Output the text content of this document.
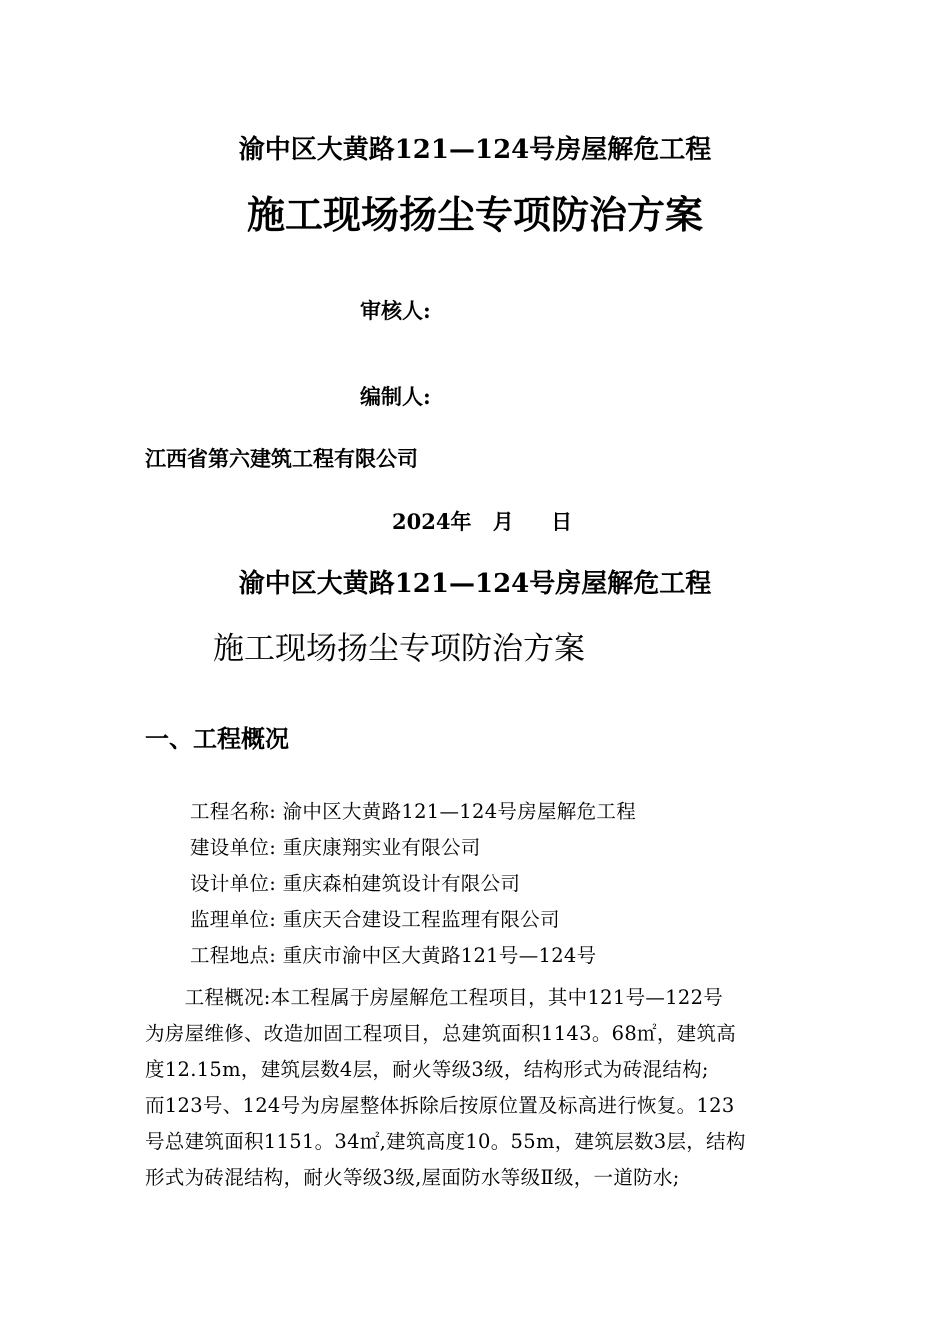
渝中区大黄路121—124号房屋解危工程
施工现场扬尘专项防治方案
审核人:
编制人:
江西省第六建筑工程有限公司
2024年 月 日
渝中区大黄路121—124号房屋解危工程
施工现场扬尘专项防治方案
一、工程概况
工程名称: 渝中区大黄路121—124号房屋解危工程
建设单位: 重庆康翔实业有限公司
设计单位: 重庆森柏建筑设计有限公司
监理单位: 重庆天合建设工程监理有限公司
工程地点: 重庆市渝中区大黄路121号—124号
　　工程概况:本工程属于房屋解危工程项目，其中121号—122号
为房屋维修、改造加固工程项目，总建筑面积1143。68㎡，建筑高
度12.15m，建筑层数4层，耐火等级3级，结构形式为砖混结构;
而123号、124号为房屋整体拆除后按原位置及标高进行恢复。123
号总建筑面积1151。34㎡,建筑高度10。55m，建筑层数3层，结构
形式为砖混结构，耐火等级3级,屋面防水等级Ⅱ级，一道防水;
